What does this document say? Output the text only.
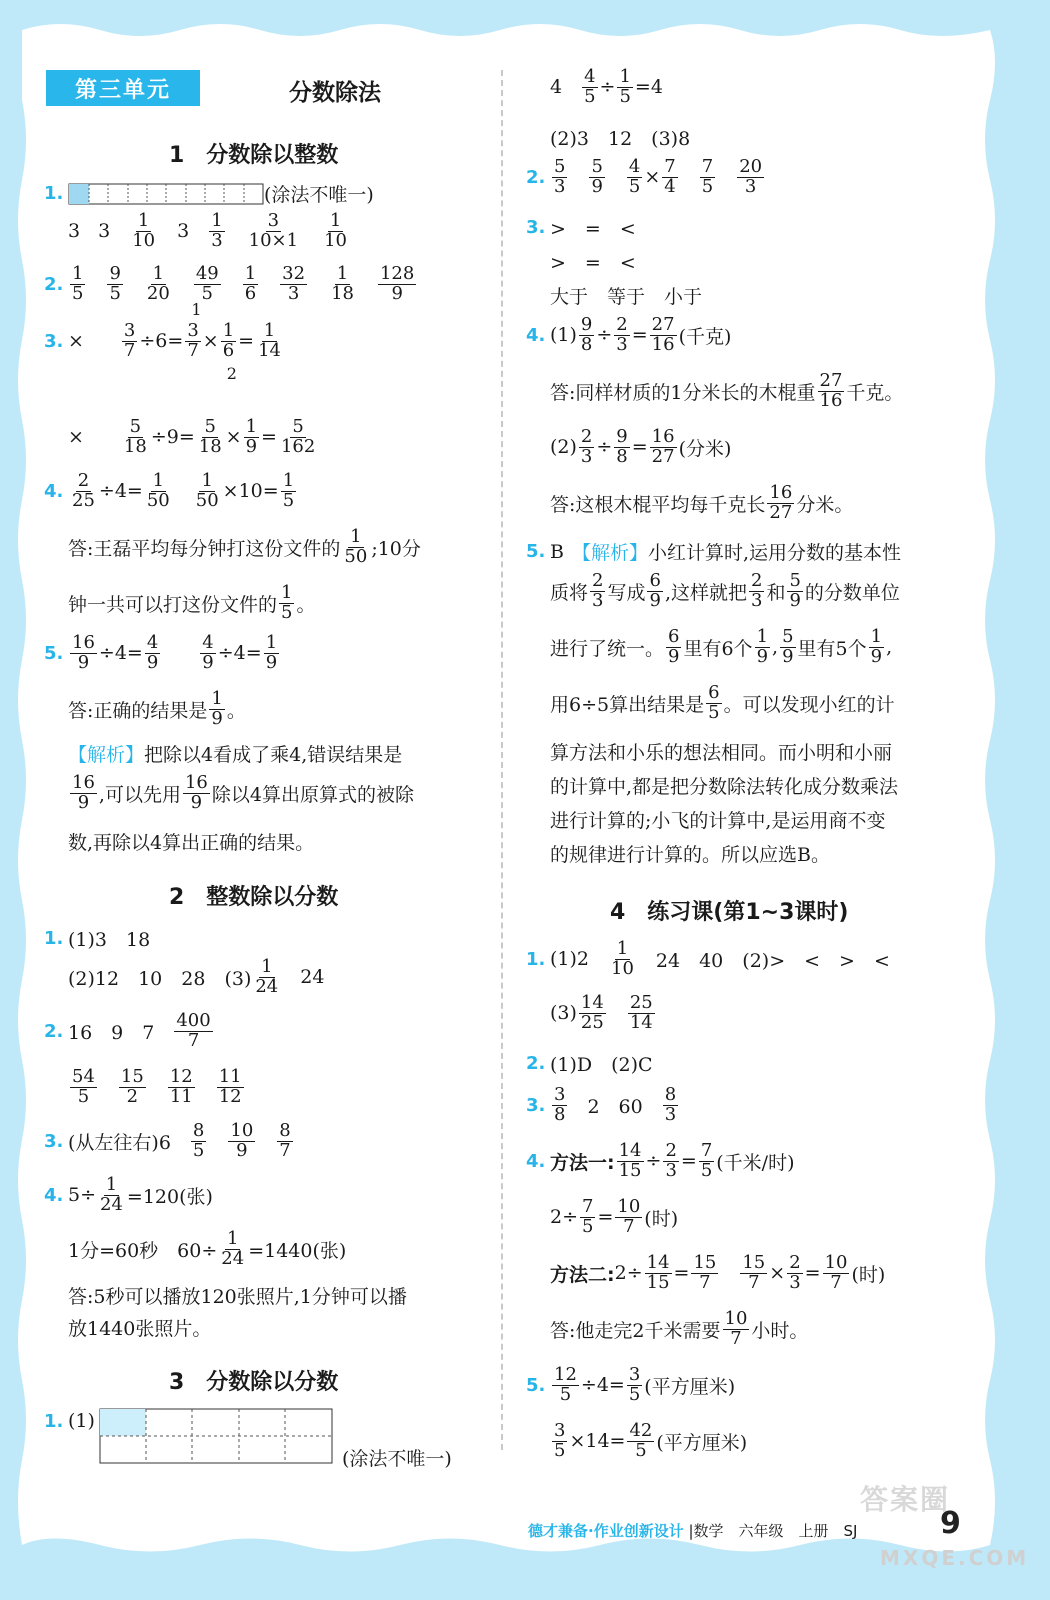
第三单元	分数除法
1　分数除以整数
1.	(涂法不唯一)
3 $3 \frac{1}{10} 3 \frac{1}{3} \frac{3}{10\times 1} \frac{1}{10}$
2. $\frac{1}{5} \frac{9}{5} \frac{1}{20} \frac{49}{5} \frac{1}{6} \frac{32}{3} \frac{1}{18} \frac{128}{9}$
3. × $\frac{3}{7} \div 6=$
1
$\frac{3}{7} \times \frac{1}{6}$
2
= $\frac{1}{14}$
× $\frac{5}{18} \div 9= \frac{5}{18} \times \frac{1}{9} = \frac{5}{162}$
4. $\frac{2}{25} \div 4= \frac{1}{50} \frac{1}{50} \times 10= \frac{1}{5}$
答:王磊平均每分钟打这份文件的 $\frac{1}{50}$ ;10分
钟一共可以打这份文件的 $\frac{1}{5}$ 。
5. $\frac{16}{9} \div 4= \frac{4}{9} \frac{4}{9} \div 4= \frac{1}{9}$
答:正确的结果是 $\frac{1}{9}$ 。
【解析】 把除以4看成了乘4,错误结果是
$\frac{16}{9}$ ,可以先用 $\frac{16}{9}$ 除以4算出原算式的被除
数,再除以4算出正确的结果。
2　整数除以分数
1. (1)3　18
(2)12　10　28　$(3) \frac{1}{24} 24$
2. 16　9　$7 \frac{400}{7}$
$\frac{54}{5} \frac{15}{2} \frac{12}{11} \frac{11}{12}$
3. (从左往右)$6 \frac{8}{5} \frac{10}{9} \frac{8}{7}$
4. $5\div \frac{1}{24} =120$(张)
1分=60秒　$60\div \frac{1}{24} =1440$(张)
答:5秒可以播放120张照片,1分钟可以播
放1440张照片。
3　分数除以分数
1. (1)
(涂法不唯一)
$4 \frac{4}{5} \div \frac{1}{5} =4$
(2)3　12　(3)8
2. $\frac{5}{3} \frac{5}{9} \frac{4}{5} \times \frac{7}{4} \frac{7}{5} \frac{20}{3}$
3. >　=　<
>　=　<
大于　等于　小于
4. $(1) \frac{9}{8} \div \frac{2}{3} = \frac{27}{16}$ (千克)
答:同样材质的1分米长的木棍重 $\frac{27}{16}$ 千克。
$(2) \frac{2}{3} \div \frac{9}{8} = \frac{16}{27}$ (分米)
答:这根木棍平均每千克长 $\frac{16}{27}$ 分米。
5. B 【解析】 小红计算时,运用分数的基本性
质将 $\frac{2}{3}$ 写成 $\frac{6}{9}$ ,这样就把 $\frac{2}{3}$ 和 $\frac{5}{9}$ 的分数单位
进行了统一。 $\frac{6}{9}$ 里有6个 $\frac{1}{9}$ , $\frac{5}{9}$ 里有5个 $\frac{1}{9}$ ,
用6÷5算出结果是 $\frac{6}{5}$ 。可以发现小红的计
算方法和小乐的想法相同。而小明和小丽
的计算中,都是把分数除法转化成分数乘法
进行计算的;小飞的计算中,是运用商不变
的规律进行计算的。所以应选B。
4　练习课(第1~3课时)
1. $(1)2 \frac{1}{10} 24$　40　(2)>　<　>　<
$(3) \frac{14}{25} \frac{25}{14}$
2. (1)D　(2)C
3. $\frac{3}{8} 2$　$60 \frac{8}{3}$
4. 方法一: $\frac{14}{15} \div \frac{2}{3} = \frac{7}{5}$ (千米/时)
$2\div \frac{7}{5} = \frac{10}{7}$ (时)
方法二: $2\div \frac{14}{15} = \frac{15}{7} \frac{15}{7} \times \frac{2}{3} = \frac{10}{7}$ (时)
答:他走完2千米需要 $\frac{10}{7}$ 小时。
5. $\frac{12}{5} \div 4= \frac{3}{5}$ (平方厘米)
$\frac{3}{5} \times 14= \frac{42}{5}$ (平方厘米)
德才兼备·作业创新设计 |数学　六年级　上册　SJ	9
答案圈
MXQE.COM
